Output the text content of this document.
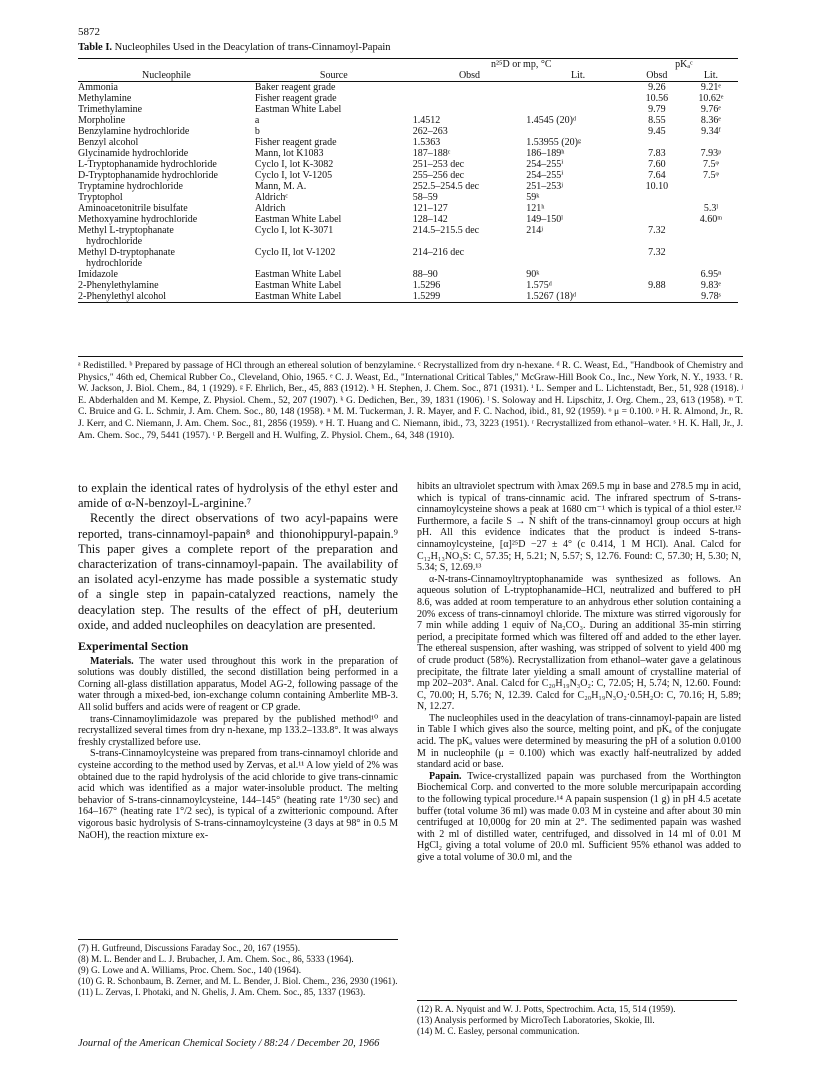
5872
Table I. Nucleophiles Used in the Deacylation of trans-Cinnamoyl-Papain
		n²⁵D or mp, °C		pKₐᶜ	
Nucleophile	Source	Obsd	Lit.	Obsd	Lit.
Ammonia	Baker reagent grade			9.26	9.21ᵉ
Methylamine	Fisher reagent grade			10.56	10.62ᵉ
Trimethylamine	Eastman White Label			9.79	9.76ᵉ
Morpholine	a	1.4512	1.4545 (20)ᵈ	8.55	8.36ᵉ
Benzylamine hydrochloride	b	262–263		9.45	9.34ᶠ
Benzyl alcohol	Fisher reagent grade	1.5363	1.53955 (20)ᵍ		
Glycinamide hydrochloride	Mann, lot K1083	187–188ᶜ	186–189ʰ	7.83	7.93ᵖ
L-Tryptophanamide hydrochloride	Cyclo I, lot K-3082	251–253 dec	254–255ⁱ	7.60	7.5ᵠ
D-Tryptophanamide hydrochloride	Cyclo I, lot V-1205	255–256 dec	254–255ⁱ	7.64	7.5ᵠ
Tryptamine hydrochloride	Mann, M. A.	252.5–254.5 dec	251–253ʲ	10.10	
Tryptophol	Aldrichᶜ	58–59	59ᵏ		
Aminoacetonitrile bisulfate	Aldrich	121–127	121ʰ		5.3ˡ
Methoxyamine hydrochloride	Eastman White Label	128–142	149–150ˡ		4.60ᵐ
Methyl L-tryptophanate	Cyclo I, lot K-3071	214.5–215.5 dec	214ʲ	7.32	
hydrochloride					
Methyl D-tryptophanate	Cyclo II, lot V-1202	214–216 dec		7.32	
hydrochloride					
Imidazole	Eastman White Label	88–90	90ᵏ		6.95ⁿ
2-Phenylethylamine	Eastman White Label	1.5296	1.575ᵈ	9.88	9.83ᵉ
2-Phenylethyl alcohol	Eastman White Label	1.5299	1.5267 (18)ᵈ		9.78ˢ
ᵃ Redistilled. ᵇ Prepared by passage of HCl through an ethereal solution of benzylamine. ᶜ Recrystallized from dry n-hexane. ᵈ R. C. Weast, Ed., "Handbook of Chemistry and Physics," 46th ed, Chemical Rubber Co., Cleveland, Ohio, 1965. ᵉ C. J. Weast, Ed., "International Critical Tables," McGraw-Hill Book Co., Inc., New York, N. Y., 1933. ᶠ R. W. Jackson, J. Biol. Chem., 84, 1 (1929). ᵍ F. Ehrlich, Ber., 45, 883 (1912). ʰ H. Stephen, J. Chem. Soc., 871 (1931). ⁱ L. Semper and L. Lichtenstadt, Ber., 51, 928 (1918). ʲ E. Abderhalden and M. Kempe, Z. Physiol. Chem., 52, 207 (1907). ᵏ G. Dedichen, Ber., 39, 1831 (1906). ˡ S. Soloway and H. Lipschitz, J. Org. Chem., 23, 613 (1958). ᵐ T. C. Bruice and G. L. Schmir, J. Am. Chem. Soc., 80, 148 (1958). ⁿ M. M. Tuckerman, J. R. Mayer, and F. C. Nachod, ibid., 81, 92 (1959). ᵒ μ = 0.100. ᵖ H. R. Almond, Jr., R. J. Kerr, and C. Niemann, J. Am. Chem. Soc., 81, 2856 (1959). ᵠ H. T. Huang and C. Niemann, ibid., 73, 3223 (1951). ʳ Recrystallized from ethanol–water. ˢ H. K. Hall, Jr., J. Am. Chem. Soc., 79, 5441 (1957). ᵗ P. Bergell and H. Wulfing, Z. Physiol. Chem., 64, 348 (1910).

to explain the identical rates of hydrolysis of the ethyl ester and amide of α-N-benzoyl-L-arginine.⁷

Recently the direct observations of two acyl-papains were reported, trans-cinnamoyl-papain⁸ and thionohippuryl-papain.⁹ This paper gives a complete report of the preparation and characterization of trans-cinnamoyl-papain. The availability of an isolated acyl-enzyme has made possible a systematic study of a single step in papain-catalyzed reactions, namely the deacylation step. The results of the effect of pH, deuterium oxide, and added nucleophiles on deacylation are presented.

Experimental Section

Materials. The water used throughout this work in the preparation of solutions was doubly distilled, the second distillation being performed in a Corning all-glass distillation apparatus, Model AG-2, following passage of the water through a mixed-bed, ion-exchange column containing Amberlite MB-3. All solid buffers and acids were of reagent or CP grade.

trans-Cinnamoylimidazole was prepared by the published method¹⁰ and recrystallized several times from dry n-hexane, mp 133.2–133.8°. It was always freshly crystallized before use.

S-trans-Cinnamoylcysteine was prepared from trans-cinnamoyl chloride and cysteine according to the method used by Zervas, et al.¹¹ A low yield of 2% was obtained due to the rapid hydrolysis of the acid chloride to give trans-cinnamic acid which was identified as a major water-insoluble product. The melting behavior of S-trans-cinnamoylcysteine, 144–145° (heating rate 1°/30 sec) and 164–167° (heating rate 1°/2 sec), is typical of a zwitterionic compound. After vigorous basic hydrolysis of S-trans-cinnamoylcysteine (3 days at 98° in 0.5 M NaOH), the reaction mixture ex-

hibits an ultraviolet spectrum with λmax 269.5 mμ in base and 278.5 mμ in acid, which is typical of trans-cinnamic acid. The infrared spectrum of S-trans-cinnamoylcysteine shows a peak at 1680 cm⁻¹ which is typical of a thiol ester.¹² Furthermore, a facile S → N shift of the trans-cinnamoyl group occurs at high pH. All this evidence indicates that the product is indeed S-trans-cinnamoylcysteine, [α]²⁵D −27 ± 4° (c 0.414, 1 M HCl). Anal. Calcd for C₁₂H₁₃NO₃S: C, 57.35; H, 5.21; N, 5.57; S, 12.76. Found: C, 57.30; H, 5.30; N, 5.34; S, 12.69.¹³

α-N-trans-Cinnamoyltryptophanamide was synthesized as follows. An aqueous solution of L-tryptophanamide–HCl, neutralized and buffered to pH 8.6, was added at room temperature to an anhydrous ether solution containing a 20% excess of trans-cinnamoyl chloride. The mixture was stirred vigorously for 7 min while adding 1 equiv of Na₂CO₃. During an additional 35-min stirring period, a precipitate formed which was filtered off and added to the ether layer. The ethereal suspension, after washing, was stripped of solvent to yield 400 mg of crude product (58%). Recrystallization from ethanol–water gave a gelatinous precipitate, the filtrate later yielding a small amount of crystalline material of mp 202–203°. Anal. Calcd for C₂₀H₁₉N₃O₂: C, 72.05; H, 5.74; N, 12.60. Found: C, 70.00; H, 5.76; N, 12.39. Calcd for C₂₀H₁₉N₃O₂·0.5H₂O: C, 70.16; H, 5.89; N, 12.27.

The nucleophiles used in the deacylation of trans-cinnamoyl-papain are listed in Table I which gives also the source, melting point, and pKₐ of the conjugate acid. The pKₐ values were determined by measuring the pH of a solution 0.0100 M in nucleophile (μ = 0.100) which was exactly half-neutralized by added standard acid or base.

Papain. Twice-crystallized papain was purchased from the Worthington Biochemical Corp. and converted to the more soluble mercuripapain according to the following typical procedure.¹⁴ A papain suspension (1 g) in pH 4.5 acetate buffer (total volume 36 ml) was made 0.03 M in cysteine and after about 30 min centrifuged at 10,000g for 20 min at 2°. The sedimented papain was washed with 2 ml of distilled water, centrifuged, and dissolved in 14 ml of 0.01 M HgCl₂ giving a total volume of 20.0 ml. Sufficient 95% ethanol was added to give a total volume of 30.0 ml, and the

(7) H. Gutfreund, Discussions Faraday Soc., 20, 167 (1955).
(8) M. L. Bender and L. J. Brubacher, J. Am. Chem. Soc., 86, 5333 (1964).
(9) G. Lowe and A. Williams, Proc. Chem. Soc., 140 (1964).
(10) G. R. Schonbaum, B. Zerner, and M. L. Bender, J. Biol. Chem., 236, 2930 (1961).
(11) L. Zervas, I. Photaki, and N. Ghelis, J. Am. Chem. Soc., 85, 1337 (1963).
(12) R. A. Nyquist and W. J. Potts, Spectrochim. Acta, 15, 514 (1959).
(13) Analysis performed by MicroTech Laboratories, Skokie, Ill.
(14) M. C. Easley, personal communication.
Journal of the American Chemical Society / 88:24 / December 20, 1966
